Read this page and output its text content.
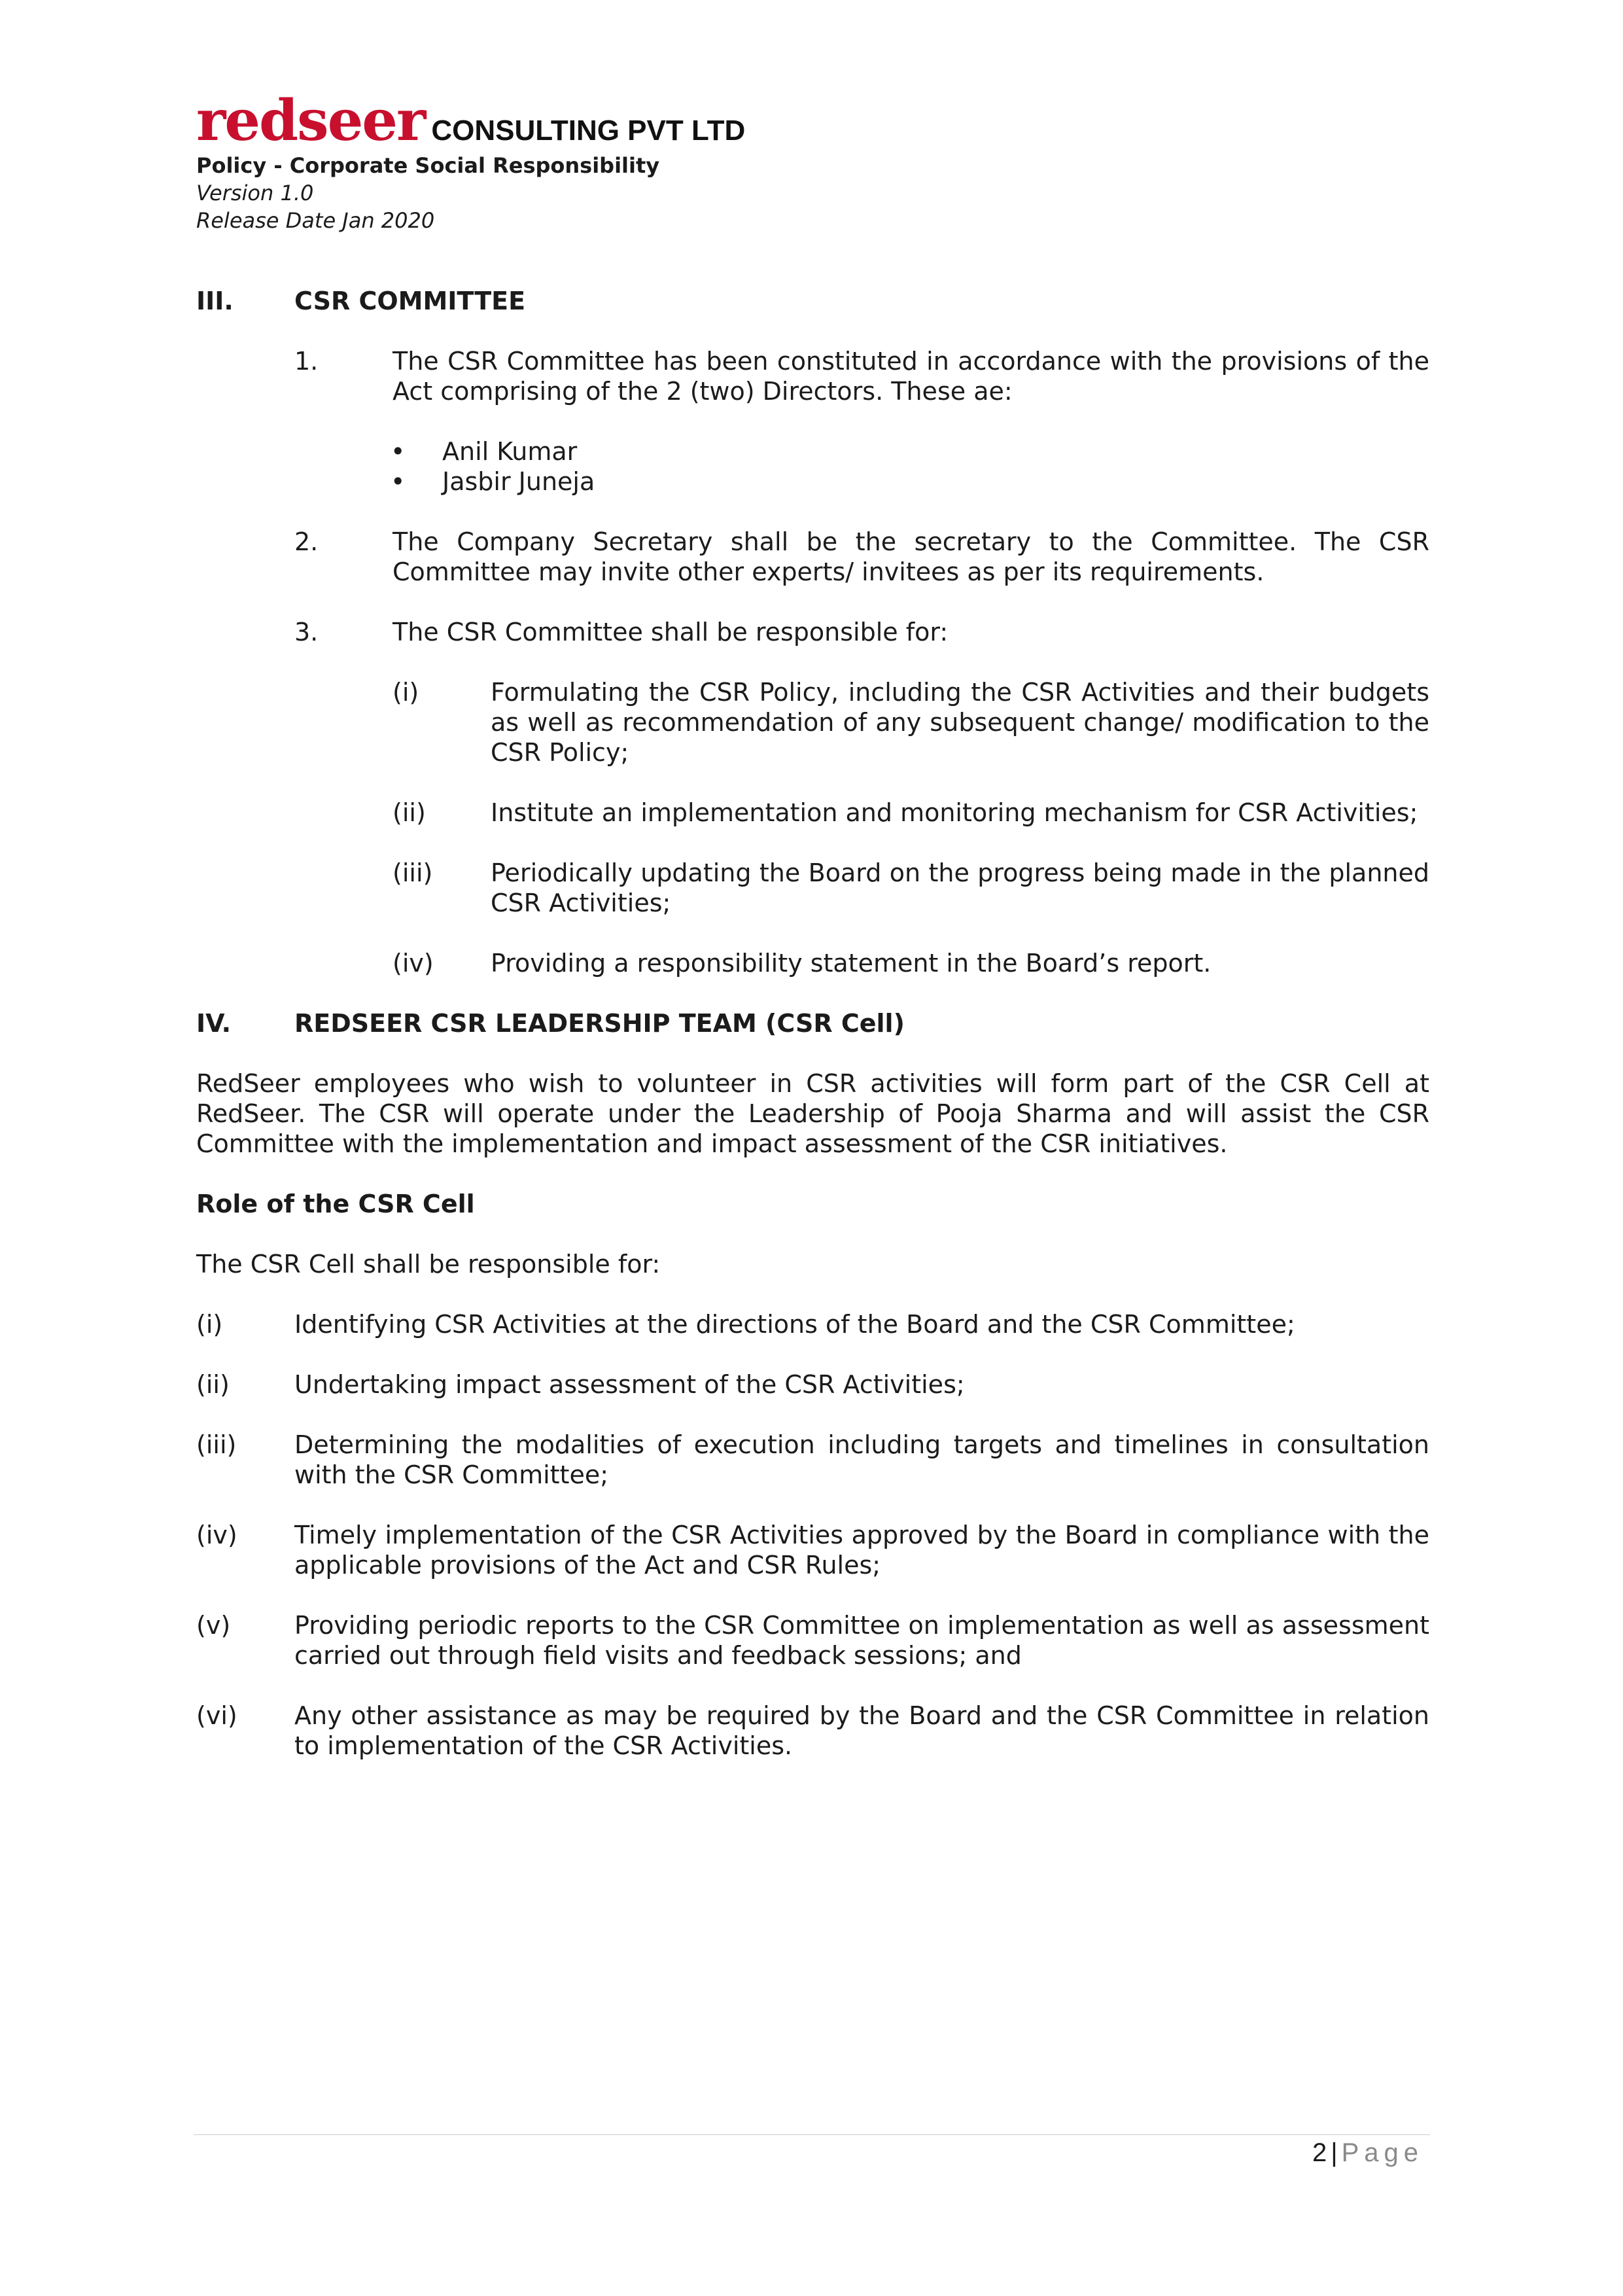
redseer CONSULTING PVT LTD
Policy - Corporate Social Responsibility
Version 1.0
Release Date Jan 2020
III. CSR COMMITTEE
1.	The CSR Committee has been constituted in accordance with the provisions of the Act comprising of the 2 (two) Directors. These ae:
• Anil Kumar
• Jasbir Juneja
2.	The Company Secretary shall be the secretary to the Committee. The CSR Committee may invite other experts/ invitees as per its requirements.
3.	The CSR Committee shall be responsible for:
(i)	Formulating the CSR Policy, including the CSR Activities and their budgets as well as recommendation of any subsequent change/ modification to the CSR Policy;
(ii)	Institute an implementation and monitoring mechanism for CSR Activities;
(iii) Periodically updating the Board on the progress being made in the planned CSR Activities;
(iv) Providing a responsibility statement in the Board’s report.
IV.	REDSEER CSR LEADERSHIP TEAM (CSR Cell)
RedSeer employees who wish to volunteer in CSR activities will form part of the CSR Cell at RedSeer. The CSR will operate under the Leadership of Pooja Sharma and will assist the CSR Committee with the implementation and impact assessment of the CSR initiatives.
Role of the CSR Cell
The CSR Cell shall be responsible for:
(i)	Identifying CSR Activities at the directions of the Board and the CSR Committee;
(ii)	Undertaking impact assessment of the CSR Activities;
(iii) Determining the modalities of execution including targets and timelines in consultation with the CSR Committee;
(iv) Timely implementation of the CSR Activities approved by the Board in compliance with the applicable provisions of the Act and CSR Rules;
(v)	Providing periodic reports to the CSR Committee on implementation as well as assessment carried out through field visits and feedback sessions; and
(vi) Any other assistance as may be required by the Board and the CSR Committee in relation to implementation of the CSR Activities.
2 | Page
